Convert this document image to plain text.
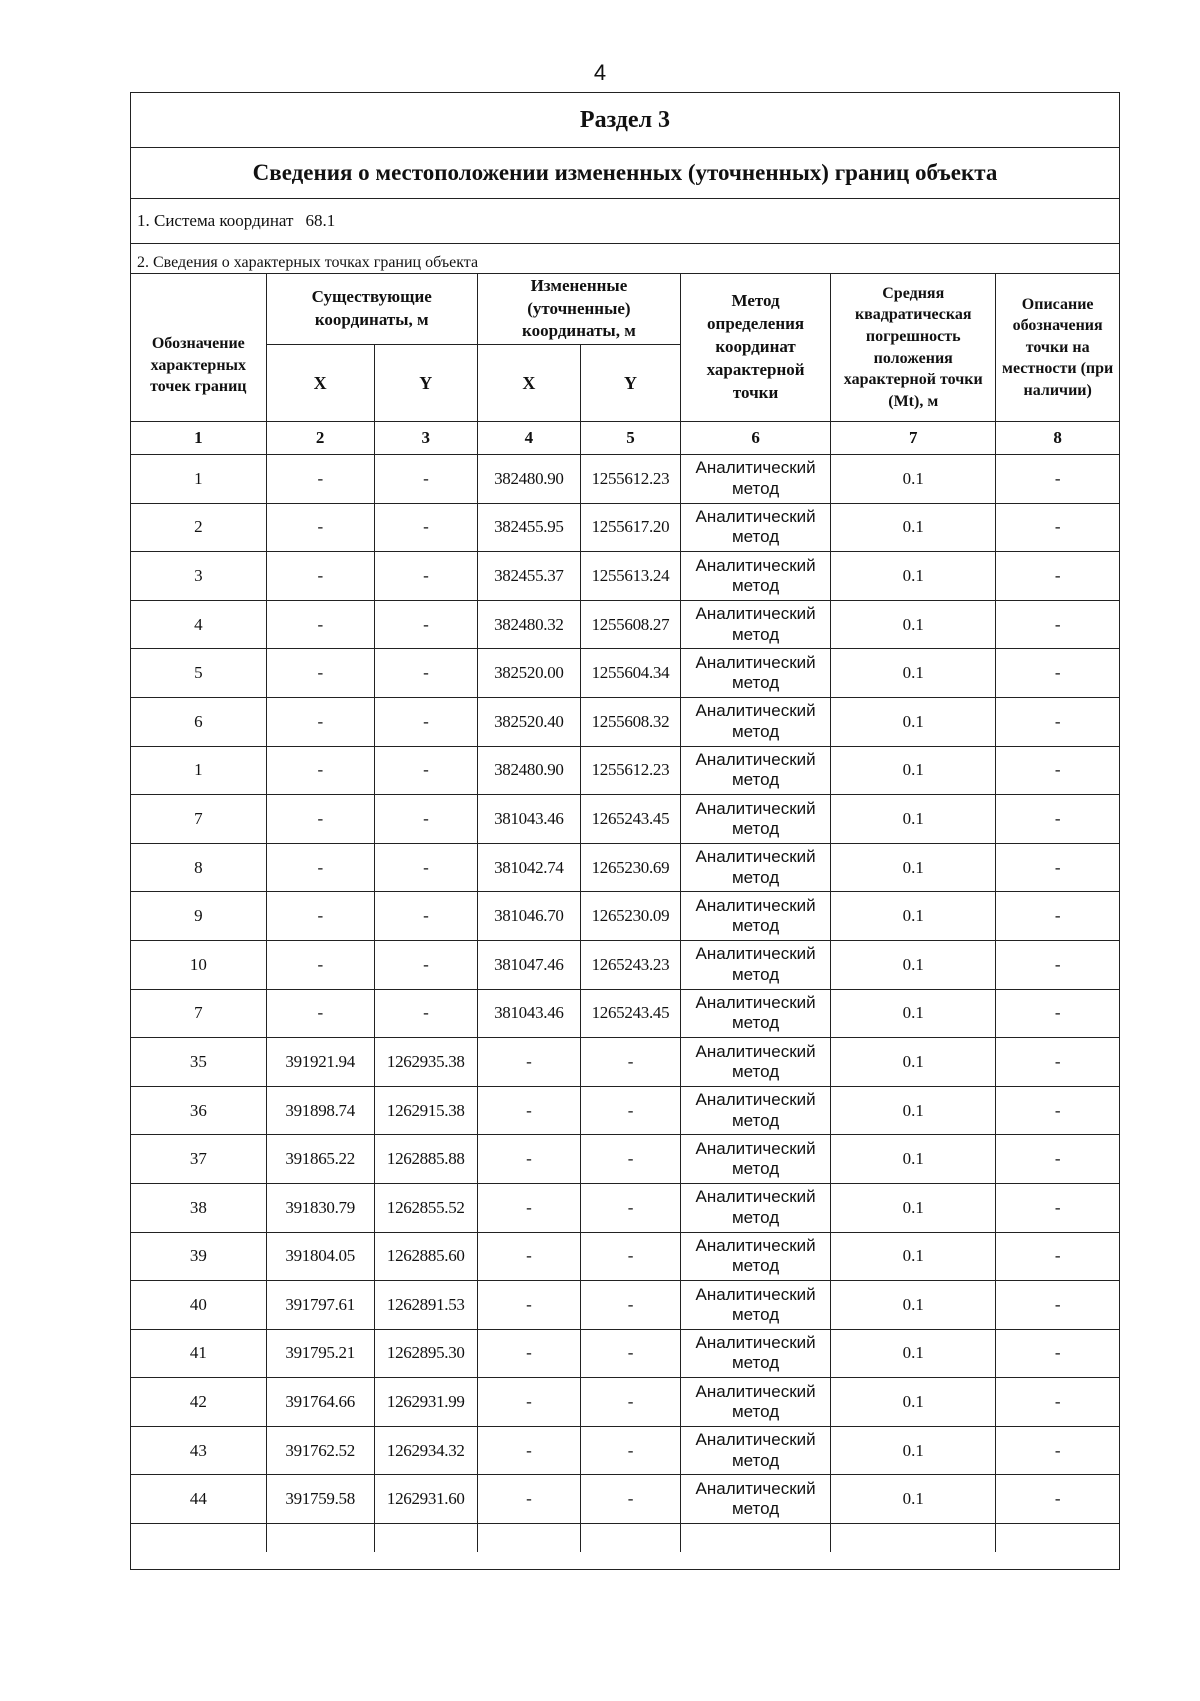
4
Раздел 3
Сведения о местоположении измененных (уточненных) границ объекта
1. Система координат 68.1
2. Сведения о характерных точках границ объекта
Обозначение характерных точек границ	Существующие координаты, м		Измененные (уточненные) координаты, м		Метод определения координат характерной точки	Средняя квадратическая погрешность положения характерной точки (Mt), м	Описание обозначения точки на местности (при наличии)
	X	Y	X	Y			
1	2	3	4	5	6	7	8
1	-	-	382480.90	1255612.23	Аналитический метод	0.1	-
2	-	-	382455.95	1255617.20	Аналитический метод	0.1	-
3	-	-	382455.37	1255613.24	Аналитический метод	0.1	-
4	-	-	382480.32	1255608.27	Аналитический метод	0.1	-
5	-	-	382520.00	1255604.34	Аналитический метод	0.1	-
6	-	-	382520.40	1255608.32	Аналитический метод	0.1	-
1	-	-	382480.90	1255612.23	Аналитический метод	0.1	-
7	-	-	381043.46	1265243.45	Аналитический метод	0.1	-
8	-	-	381042.74	1265230.69	Аналитический метод	0.1	-
9	-	-	381046.70	1265230.09	Аналитический метод	0.1	-
10	-	-	381047.46	1265243.23	Аналитический метод	0.1	-
7	-	-	381043.46	1265243.45	Аналитический метод	0.1	-
35	391921.94	1262935.38	-	-	Аналитический метод	0.1	-
36	391898.74	1262915.38	-	-	Аналитический метод	0.1	-
37	391865.22	1262885.88	-	-	Аналитический метод	0.1	-
38	391830.79	1262855.52	-	-	Аналитический метод	0.1	-
39	391804.05	1262885.60	-	-	Аналитический метод	0.1	-
40	391797.61	1262891.53	-	-	Аналитический метод	0.1	-
41	391795.21	1262895.30	-	-	Аналитический метод	0.1	-
42	391764.66	1262931.99	-	-	Аналитический метод	0.1	-
43	391762.52	1262934.32	-	-	Аналитический метод	0.1	-
44	391759.58	1262931.60	-	-	Аналитический метод	0.1	-
